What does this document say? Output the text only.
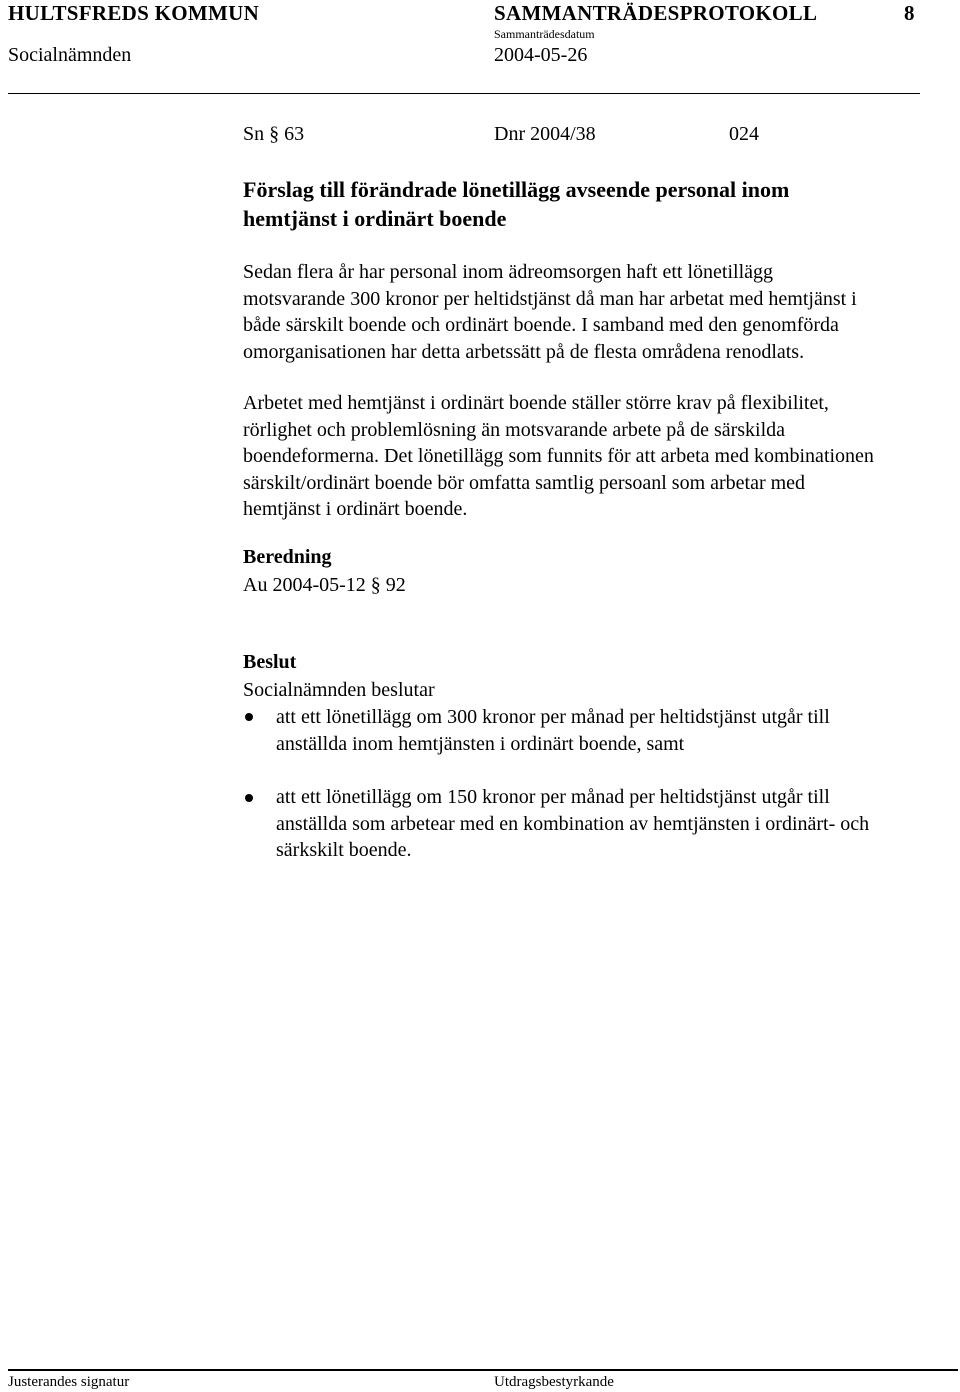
HULTSFREDS KOMMUN	SAMMANTRÄDESPROTOKOLL	8
Sammanträdesdatum
Socialnämnden	2004-05-26
Sn § 63	Dnr 2004/38	024
Förslag till förändrade lönetillägg avseende personal inom
hemtjänst i ordinärt boende
Sedan flera år har personal inom ädreomsorgen haft ett lönetillägg
motsvarande 300 kronor per heltidstjänst då man har arbetat med hemtjänst i
både särskilt boende och ordinärt boende. I samband med den genomförda
omorganisationen har detta arbetssätt på de flesta områdena renodlats.
Arbetet med hemtjänst i ordinärt boende ställer större krav på flexibilitet,
rörlighet och problemlösning än motsvarande arbete på de särskilda
boendeformerna. Det lönetillägg som funnits för att arbeta med kombinationen
särskilt/ordinärt boende bör omfatta samtlig persoanl som arbetar med
hemtjänst i ordinärt boende.
Beredning
Au 2004-05-12 § 92
Beslut
Socialnämnden beslutar
att ett lönetillägg om 300 kronor per månad per heltidstjänst utgår till
anställda inom hemtjänsten i ordinärt boende, samt
att ett lönetillägg om 150 kronor per månad per heltidstjänst utgår till
anställda som arbetear med en kombination av hemtjänsten i ordinärt- och
särkskilt boende.
Justerandes signatur	Utdragsbestyrkande
